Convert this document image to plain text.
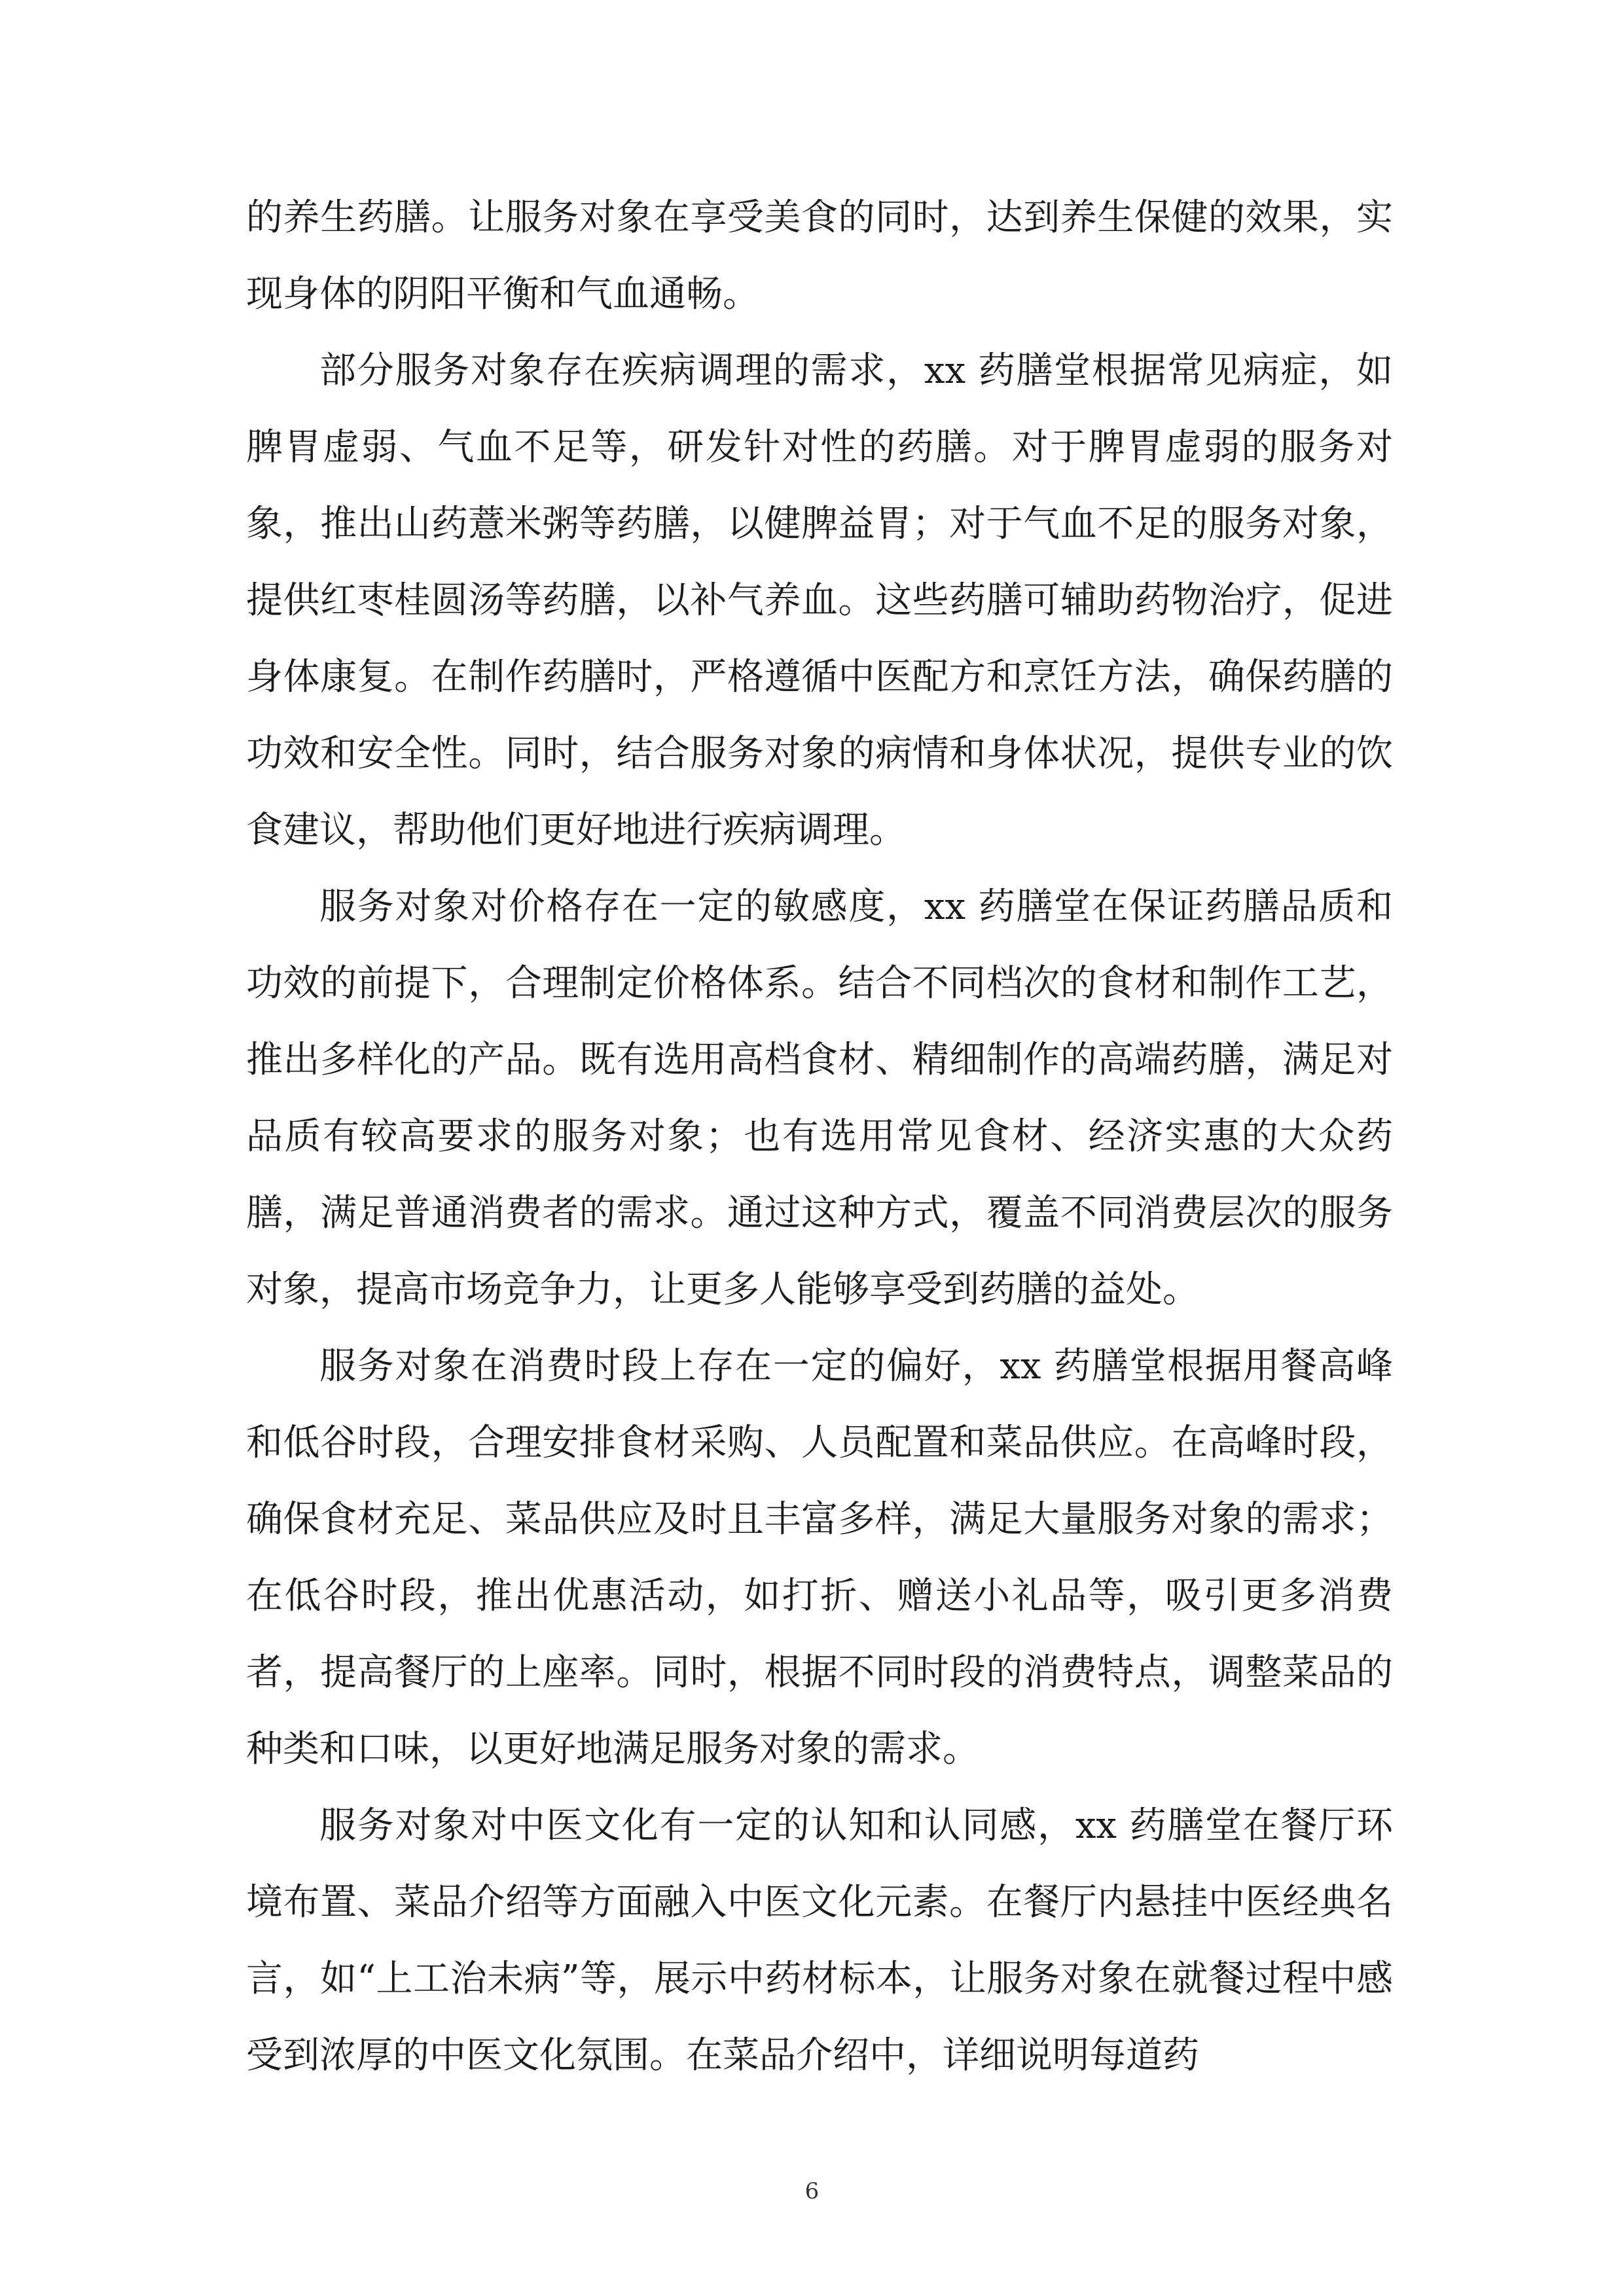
的养生药膳。让服务对象在享受美食的同时，达到养生保健的效果，实现身体的阴阳平衡和气血通畅。

部分服务对象存在疾病调理的需求，xx 药膳堂根据常见病症，如脾胃虚弱、气血不足等，研发针对性的药膳。对于脾胃虚弱的服务对象，推出山药薏米粥等药膳，以健脾益胃；对于气血不足的服务对象，提供红枣桂圆汤等药膳，以补气养血。这些药膳可辅助药物治疗，促进身体康复。在制作药膳时，严格遵循中医配方和烹饪方法，确保药膳的功效和安全性。同时，结合服务对象的病情和身体状况，提供专业的饮食建议，帮助他们更好地进行疾病调理。

服务对象对价格存在一定的敏感度，xx 药膳堂在保证药膳品质和功效的前提下，合理制定价格体系。结合不同档次的食材和制作工艺，推出多样化的产品。既有选用高档食材、精细制作的高端药膳，满足对品质有较高要求的服务对象；也有选用常见食材、经济实惠的大众药膳，满足普通消费者的需求。通过这种方式，覆盖不同消费层次的服务对象，提高市场竞争力，让更多人能够享受到药膳的益处。

服务对象在消费时段上存在一定的偏好，xx 药膳堂根据用餐高峰和低谷时段，合理安排食材采购、人员配置和菜品供应。在高峰时段，确保食材充足、菜品供应及时且丰富多样，满足大量服务对象的需求；在低谷时段，推出优惠活动，如打折、赠送小礼品等，吸引更多消费者，提高餐厅的上座率。同时，根据不同时段的消费特点，调整菜品的种类和口味，以更好地满足服务对象的需求。

服务对象对中医文化有一定的认知和认同感，xx 药膳堂在餐厅环境布置、菜品介绍等方面融入中医文化元素。在餐厅内悬挂中医经典名言，如“上工治未病”等，展示中药材标本，让服务对象在就餐过程中感受到浓厚的中医文化氛围。在菜品介绍中，详细说明每道药

6
